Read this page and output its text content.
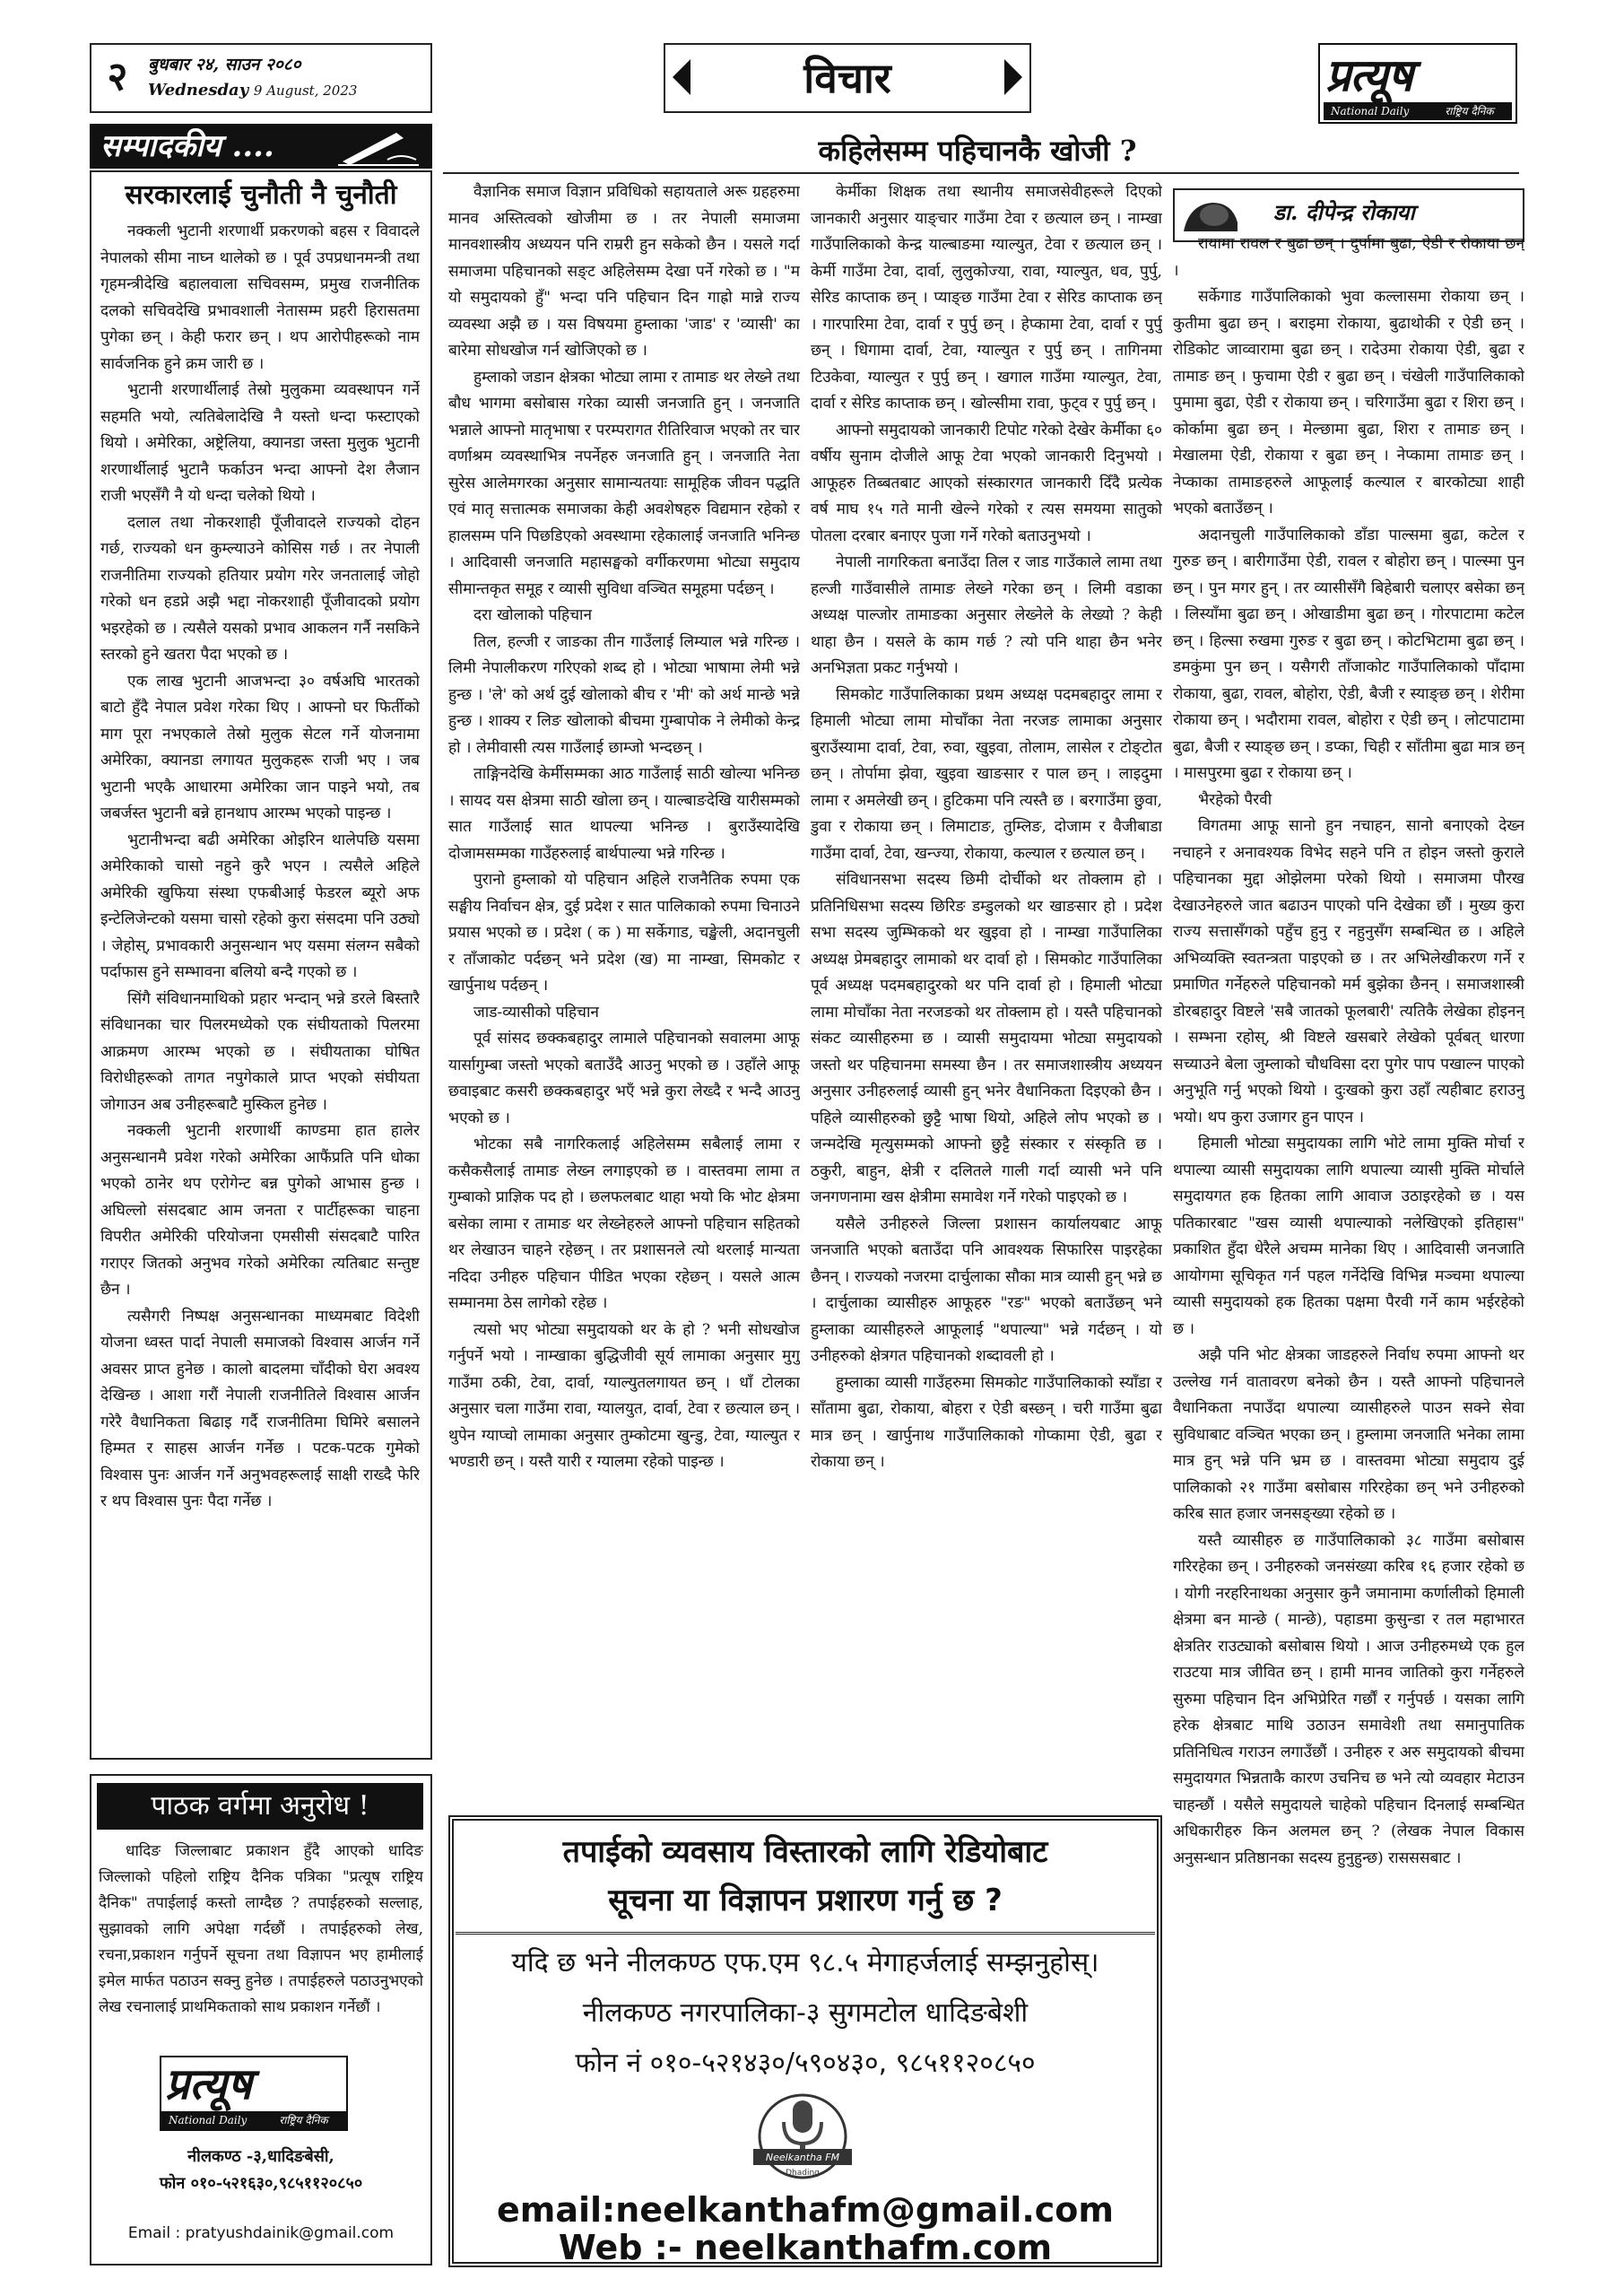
२	बुधबार २४, साउन २०८०
Wednesday 9 August, 2023	विचार	प्रत्यूष
National Daily	राष्ट्रिय दैनिक
सम्पादकीय ....
सरकारलाई चुनौती नै चुनौती

नक्कली भुटानी शरणार्थी प्रकरणको बहस र विवादले नेपालको सीमा नाघ्न थालेको छ । पूर्व उपप्रधानमन्त्री तथा गृहमन्त्रीदेखि बहालवाला सचिवसम्म, प्रमुख राजनीतिक दलको सचिवदेखि प्रभावशाली नेतासम्म प्रहरी हिरासतमा पुगेका छन् । केही फरार छन् । थप आरोपीहरूको नाम सार्वजनिक हुने क्रम जारी छ ।

भुटानी शरणार्थीलाई तेस्रो मुलुकमा व्यवस्थापन गर्ने सहमति भयो, त्यतिबेलादेखि नै यस्तो धन्दा फस्टाएको थियो । अमेरिका, अष्ट्रेलिया, क्यानडा जस्ता मुलुक भुटानी शरणार्थीलाई भुटानै फर्काउन भन्दा आफ्नो देश लैजान राजी भएसँगै नै यो धन्दा चलेको थियो ।

दलाल तथा नोकरशाही पूँजीवादले राज्यको दोहन गर्छ, राज्यको धन कुम्ल्याउने कोसिस गर्छ । तर नेपाली राजनीतिमा राज्यको हतियार प्रयोग गरेर जनतालाई जोहो गरेको धन हडप्ने अझै भद्दा नोकरशाही पूँजीवादको प्रयोग भइरहेको छ । त्यसैले यसको प्रभाव आकलन गर्नै नसकिने स्तरको हुने खतरा पैदा भएको छ ।

एक लाख भुटानी आजभन्दा ३० वर्षअघि भारतको बाटो हुँदै नेपाल प्रवेश गरेका थिए । आफ्नो घर फिर्तीको माग पूरा नभएकाले तेस्रो मुलुक सेटल गर्ने योजनामा अमेरिका, क्यानडा लगायत मुलुकहरू राजी भए । जब भुटानी भएकै आधारमा अमेरिका जान पाइने भयो, तब जबर्जस्त भुटानी बन्ने हानथाप आरम्भ भएको पाइन्छ ।

भुटानीभन्दा बढी अमेरिका ओइरिन थालेपछि यसमा अमेरिकाको चासो नहुने कुरै भएन । त्यसैले अहिले अमेरिकी खुफिया संस्था एफबीआई फेडरल ब्यूरो अफ इन्टेलिजेन्टको यसमा चासो रहेको कुरा संसदमा पनि उठ्यो । जेहोस्, प्रभावकारी अनुसन्धान भए यसमा संलग्न सबैको पर्दाफास हुने सम्भावना बलियो बन्दै गएको छ ।

सिंगै संविधानमाथिको प्रहार भन्दान् भन्ने डरले बिस्तारै संविधानका चार पिलरमध्येको एक संघीयताको पिलरमा आक्रमण आरम्भ भएको छ । संघीयताका घोषित विरोधीहरूको तागत नपुगेकाले प्राप्त भएको संघीयता जोगाउन अब उनीहरूबाटै मुस्किल हुनेछ ।

नक्कली भुटानी शरणार्थी काण्डमा हात हालेर अनुसन्धानमै प्रवेश गरेको अमेरिका आफैंप्रति पनि धोका भएको ठानेर थप एरोगेन्ट बन्न पुगेको आभास हुन्छ । अघिल्लो संसदबाट आम जनता र पार्टीहरूका चाहना विपरीत अमेरिकी परियोजना एमसीसी संसदबाटै पारित गराएर जितको अनुभव गरेको अमेरिका त्यतिबाट सन्तुष्ट छैन ।

त्यसैगरी निष्पक्ष अनुसन्धानका माध्यमबाट विदेशी योजना ध्वस्त पार्दा नेपाली समाजको विश्वास आर्जन गर्ने अवसर प्राप्त हुनेछ । कालो बादलमा चाँदीको घेरा अवश्य देखिन्छ । आशा गरौं नेपाली राजनीतिले विश्वास आर्जन गरेरै वैधानिकता बिढाइ गर्दै राजनीतिमा घिमिरे बसालने हिम्मत र साहस आर्जन गर्नेछ । पटक-पटक गुमेको विश्वास पुनः आर्जन गर्ने अनुभवहरूलाई साक्षी राख्दै फेरि र थप विश्वास पुनः पैदा गर्नेछ ।

पाठक वर्गमा अनुरोध !

धादिङ जिल्लाबाट प्रकाशन हुँदै आएको धादिङ जिल्लाको पहिलो राष्ट्रिय दैनिक पत्रिका "प्रत्यूष राष्ट्रिय दैनिक" तपाईलाई कस्तो लाग्दैछ ? तपाईहरुको सल्लाह, सुझावको लागि अपेक्षा गर्दछौं । तपाईहरुको लेख, रचना,प्रकाशन गर्नुपर्ने सूचना तथा विज्ञापन भए हामीलाई इमेल मार्फत पठाउन सक्नु हुनेछ । तपाईहरुले पठाउनुभएको लेख रचनालाई प्राथमिकताको साथ प्रकाशन गर्नेछौं ।

प्रत्यूष
National Daily	राष्ट्रिय दैनिक
नीलकण्ठ -३,धादिङबेसी,
फोन ०१०-५२१६३०,९८५११२०८५०
Email : pratyushdainik@gmail.com
कहिलेसम्म पहिचानकै खोजी ?

वैज्ञानिक समाज विज्ञान प्रविधिको सहायताले अरू ग्रहहरुमा मानव अस्तित्वको खोजीमा छ । तर नेपाली समाजमा मानवशास्त्रीय अध्ययन पनि राम्ररी हुन सकेको छैन । यसले गर्दा समाजमा पहिचानको सङ्ट अहिलेसम्म देखा पर्ने गरेको छ । "म यो समुदायको हुँ" भन्दा पनि पहिचान दिन गाह्रो मान्ने राज्य व्यवस्था अझै छ । यस विषयमा हुम्लाका 'जाड' र 'व्यासी' का बारेमा सोधखोज गर्न खोजिएको छ ।

हुम्लाको जडान क्षेत्रका भोट्या लामा र तामाङ थर लेख्ने तथा बौध भागमा बसोबास गरेका व्यासी जनजाति हुन् । जनजाति भन्नाले आफ्नो मातृभाषा र परम्परागत रीतिरिवाज भएको तर चार वर्णाश्रम व्यवस्थाभित्र नपर्नेहरु जनजाति हुन् । जनजाति नेता सुरेस आलेमगरका अनुसार सामान्यतयाः सामूहिक जीवन पद्धति एवं मातृ सत्तात्मक समाजका केही अवशेषहरु विद्यमान रहेको र हालसम्म पनि पिछडिएको अवस्थामा रहेकालाई जनजाति भनिन्छ । आदिवासी जनजाति महासङ्घको वर्गीकरणमा भोट्या समुदाय सीमान्तकृत समूह र व्यासी सुविधा वञ्चित समूहमा पर्दछन् ।

दरा खोलाको पहिचान

तिल, हल्जी र जाङका तीन गाउँलाई लिम्याल भन्ने गरिन्छ । लिमी नेपालीकरण गरिएको शब्द हो । भोट्या भाषामा लेमी भन्ने हुन्छ । 'ले' को अर्थ दुई खोलाको बीच र 'मी' को अर्थ मान्छे भन्ने हुन्छ । शाक्य र लिङ खोलाको बीचमा गुम्बापोक ने लेमीको केन्द्र हो । लेमीवासी त्यस गाउँलाई छाम्जो भन्दछन् ।

ताङ्गिनदेखि केर्मीसम्मका आठ गाउँलाई साठी खोल्या भनिन्छ । सायद यस क्षेत्रमा साठी खोला छन् । याल्बाङदेखि यारीसम्मको सात गाउँलाई सात थापल्या भनिन्छ । बुराउँस्यादेखि दोजामसम्मका गाउँहरुलाई बार्थपाल्या भन्ने गरिन्छ ।

पुरानो हुम्लाको यो पहिचान अहिले राजनैतिक रुपमा एक सङ्घीय निर्वाचन क्षेत्र, दुई प्रदेश र सात पालिकाको रुपमा चिनाउने प्रयास भएको छ । प्रदेश ( क ) मा सर्केगाड, चङ्खेली, अदानचुली र ताँजाकोट पर्दछन् भने प्रदेश (ख) मा नाम्खा, सिमकोट र खार्पुनाथ पर्दछन् ।

जाड-व्यासीको पहिचान

पूर्व सांसद छक्कबहादुर लामाले पहिचानको सवालमा आफू यार्सागुम्बा जस्तो भएको बताउँदै आउनु भएको छ । उहाँले आफू छवाइबाट कसरी छक्कबहादुर भएँ भन्ने कुरा लेख्दै र भन्दै आउनु भएको छ ।

भोटका सबै नागरिकलाई अहिलेसम्म सबैलाई लामा र कसैकसैलाई तामाङ लेख्न लगाइएको छ । वास्तवमा लामा त गुम्बाको प्राज्ञिक पद हो । छलफलबाट थाहा भयो कि भोट क्षेत्रमा बसेका लामा र तामाङ थर लेख्नेहरुले आफ्नो पहिचान सहितको थर लेखाउन चाहने रहेछन् । तर प्रशासनले त्यो थरलाई मान्यता नदिदा उनीहरु पहिचान पीडित भएका रहेछन् । यसले आत्म सम्मानमा ठेस लागेको रहेछ ।

त्यसो भए भोट्या समुदायको थर के हो ? भनी सोधखोज गर्नुपर्ने भयो । नाम्खाका बुद्धिजीवी सूर्य लामाका अनुसार मुगु गाउँमा ठकी, टेवा, दार्वा, ग्याल्युतलगायत छन् । धाँ टोलका अनुसार चला गाउँमा रावा, ग्यालयुत, दार्वा, टेवा र छत्याल छन् । थुपेन ग्याप्चो लामाका अनुसार तुम्कोटमा खुन्डु, टेवा, ग्याल्युत र भण्डारी छन् । यस्तै यारी र ग्यालमा रहेको पाइन्छ ।

केर्मीका शिक्षक तथा स्थानीय समाजसेवीहरूले दिएको जानकारी अनुसार याङ्चार गाउँमा टेवा र छत्याल छन् । नाम्खा गाउँपालिकाको केन्द्र याल्बाङमा ग्याल्युत, टेवा र छत्याल छन् । केर्मी गाउँमा टेवा, दार्वा, लुलुकोज्या, रावा, ग्याल्युत, धव, पुर्पु, सेरिड काप्ताक छन् । प्याङ्छ गाउँमा टेवा र सेरिड काप्ताक छन् । गारपारिमा टेवा, दार्वा र पुर्पु छन् । हेप्कामा टेवा, दार्वा र पुर्पु छन् । धिगामा दार्वा, टेवा, ग्याल्युत र पुर्पु छन् । तागिनमा टिउकेवा, ग्याल्युत र पुर्पु छन् । खगाल गाउँमा ग्याल्युत, टेवा, दार्वा र सेरिड काप्ताक छन् । खोल्सीमा रावा, फुट्व र पुर्पु छन् ।

आफ्नो समुदायको जानकारी टिपोट गरेको देखेर केर्मीका ६० वर्षीय सुनाम दोजीले आफू टेवा भएको जानकारी दिनुभयो । आफूहरु तिब्बतबाट आएको संस्कारगत जानकारी दिँदै प्रत्येक वर्ष माघ १५ गते मानी खेल्ने गरेको र त्यस समयमा सातुको पोतला दरबार बनाएर पुजा गर्ने गरेको बताउनुभयो ।

नेपाली नागरिकता बनाउँदा तिल र जाड गाउँकाले लामा तथा हल्जी गाउँवासीले तामाङ लेख्ने गरेका छन् । लिमी वडाका अध्यक्ष पाल्जोर तामाङका अनुसार लेख्नेले के लेख्यो ? केही थाहा छैन । यसले के काम गर्छ ? त्यो पनि थाहा छैन भनेर अनभिज्ञता प्रकट गर्नुभयो ।

सिमकोट गाउँपालिकाका प्रथम अध्यक्ष पदमबहादुर लामा र हिमाली भोट्या लामा मोचाँका नेता नरजङ लामाका अनुसार बुराउँस्यामा दार्वा, टेवा, रुवा, खुइवा, तोलाम, लासेल र टोङ्टोत छन् । तोर्पामा झेवा, खुइवा खाङसार र पाल छन् । लाइदुमा लामा र अमलेखी छन् । हुटिकमा पनि त्यस्तै छ । बरगाउँमा छुवा, डुवा र रोकाया छन् । लिमाटाङ, तुम्लिङ, दोजाम र वैजीबाडा गाउँमा दार्वा, टेवा, खन्ज्या, रोकाया, कल्याल र छत्याल छन् ।

संविधानसभा सदस्य छिमी दोर्चीको थर तोक्लाम हो । प्रतिनिधिसभा सदस्य छिरिङ डम्डुलको थर खाङसार हो । प्रदेश सभा सदस्य जुम्भिकको थर खुइवा हो । नाम्खा गाउँपालिका अध्यक्ष प्रेमबहादुर लामाको थर दार्वा हो । सिमकोट गाउँपालिका पूर्व अध्यक्ष पदमबहादुरको थर पनि दार्वा हो । हिमाली भोट्या लामा मोचाँका नेता नरजङको थर तोक्लाम हो । यस्तै पहिचानको संकट व्यासीहरुमा छ । व्यासी समुदायमा भोट्या समुदायको जस्तो थर पहिचानमा समस्या छैन । तर समाजशास्त्रीय अध्ययन अनुसार उनीहरुलाई व्यासी हुन् भनेर वैधानिकता दिइएको छैन । पहिले व्यासीहरुको छुट्टै भाषा थियो, अहिले लोप भएको छ । जन्मदेखि मृत्युसम्मको आफ्नो छुट्टै संस्कार र संस्कृति छ । ठकुरी, बाहुन, क्षेत्री र दलितले गाली गर्दा व्यासी भने पनि जनगणनामा खस क्षेत्रीमा समावेश गर्ने गरेको पाइएको छ ।

यसैले उनीहरुले जिल्ला प्रशासन कार्यालयबाट आफू जनजाति भएको बताउँदा पनि आवश्यक सिफारिस पाइरहेका छैनन् । राज्यको नजरमा दार्चुलाका सौका मात्र व्यासी हुन् भन्ने छ । दार्चुलाका व्यासीहरु आफूहरु "रङ" भएको बताउँछन् भने हुम्लाका व्यासीहरुले आफूलाई "थपाल्या" भन्ने गर्दछन् । यो उनीहरुको क्षेत्रगत पहिचानको शब्दावली हो ।

हुम्लाका व्यासी गाउँहरुमा सिमकोट गाउँपालिकाको स्याँडा र साँतामा बुढा, रोकाया, बोहरा र ऐडी बस्छन् । चरी गाउँमा बुढा मात्र छन् । खार्पुनाथ गाउँपालिकाको गोप्कामा ऐडी, बुढा र रोकाया छन् ।

डा. दीपेन्द्र रोकाया

रायामा रावल र बुढा छन् । दुर्पामा बुढा, ऐडी र रोकाया छन् ।

सर्केगाड गाउँपालिकाको भुवा कल्लासमा रोकाया छन् । कुतीमा बुढा छन् । बराइमा रोकाया, बुढाथोकी र ऐडी छन् । रोडिकोट जाव्वारामा बुढा छन् । रादेउमा रोकाया ऐडी, बुढा र तामाङ छन् । फुचामा ऐडी र बुढा छन् । चंखेली गाउँपालिकाको पुमामा बुढा, ऐडी र रोकाया छन् । चरिगाउँमा बुढा र शिरा छन् । कोर्कामा बुढा छन् । मेल्छामा बुढा, शिरा र तामाङ छन् । मेखालमा ऐडी, रोकाया र बुढा छन् । नेप्कामा तामाङ छन् । नेप्काका तामाङहरुले आफूलाई कल्याल र बारकोट्या शाही भएको बताउँछन् ।

अदानचुली गाउँपालिकाको डाँडा पाल्समा बुढा, कटेल र गुरुङ छन् । बारीगाउँमा ऐडी, रावल र बोहोरा छन् । पाल्स्मा पुन छन् । पुन मगर हुन् । तर व्यासीसँगै बिहेबारी चलाएर बसेका छन् । लिस्याँमा बुढा छन् । ओखाडीमा बुढा छन् । गोरपाटामा कटेल छन् । हिल्सा रुखमा गुरुङ र बुढा छन् । कोटभिटामा बुढा छन् । डमकुंमा पुन छन् । यसैगरी ताँजाकोट गाउँपालिकाको पाँदामा रोकाया, बुढा, रावल, बोहोरा, ऐडी, बैजी र स्याङ्छ छन् । शेरीमा रोकाया छन् । भदौरामा रावल, बोहोरा र ऐडी छन् । लोटपाटामा बुढा, बैजी र स्याङ्छ छन् । डप्का, चिही र साँतीमा बुढा मात्र छन् । मासपुरमा बुढा र रोकाया छन् ।

भैरहेको पैरवी

विगतमा आफू सानो हुन नचाहन, सानो बनाएको देख्न नचाहने र अनावश्यक विभेद सहने पनि त होइन जस्तो कुराले पहिचानका मुद्दा ओझेलमा परेको थियो । समाजमा पौरख देखाउनेहरुले जात बढाउन पाएको पनि देखेका छौं । मुख्य कुरा राज्य सत्तासँगको पहुँच हुनु र नहुनुसँग सम्बन्धित छ । अहिले अभिव्यक्ति स्वतन्त्रता पाइएको छ । तर अभिलेखीकरण गर्ने र प्रमाणित गर्नेहरुले पहिचानको मर्म बुझेका छैनन् । समाजशास्त्री डोरबहादुर विष्टले 'सबै जातको फूलबारी' त्यतिकै लेखेका होइनन् । सम्भना रहोस्, श्री विष्टले खसबारे लेखेको पूर्वबत् धारणा सच्याउने बेला जुम्लाको चौधविसा दरा पुगेर पाप पखाल्न पाएको अनुभूति गर्नु भएको थियो । दुःखको कुरा उहाँ त्यहीबाट हराउनु भयो। थप कुरा उजागर हुन पाएन ।

हिमाली भोट्या समुदायका लागि भोटे लामा मुक्ति मोर्चा र थपाल्या व्यासी समुदायका लागि थपाल्या व्यासी मुक्ति मोर्चाले समुदायगत हक हितका लागि आवाज उठाइरहेको छ । यस पतिकारबाट "खस व्यासी थपाल्याको नलेखिएको इतिहास" प्रकाशित हुँदा धेरैले अचम्म मानेका थिए । आदिवासी जनजाति आयोगमा सूचिकृत गर्न पहल गर्नेदेखि विभिन्न मञ्चमा थपाल्या व्यासी समुदायको हक हितका पक्षमा पैरवी गर्ने काम भईरहेको छ ।

अझै पनि भोट क्षेत्रका जाडहरुले निर्वाध रुपमा आफ्नो थर उल्लेख गर्न वातावरण बनेको छैन । यस्तै आफ्नो पहिचानले वैधानिकता नपाउँदा थपाल्या व्यासीहरुले पाउन सक्ने सेवा सुविधाबाट वञ्चित भएका छन् । हुम्लामा जनजाति भनेका लामा मात्र हुन् भन्ने पनि भ्रम छ । वास्तवमा भोट्या समुदाय दुई पालिकाको २१ गाउँमा बसोबास गरिरहेका छन् भने उनीहरुको करिब सात हजार जनसङ्ख्या रहेको छ ।

यस्तै व्यासीहरु छ गाउँपालिकाको ३८ गाउँमा बसोबास गरिरहेका छन् । उनीहरुको जनसंख्या करिब १६ हजार रहेको छ । योगी नरहरिनाथका अनुसार कुनै जमानामा कर्णालीको हिमाली क्षेत्रमा बन मान्छे ( मान्छे), पहाडमा कुसुन्डा र तल महाभारत क्षेत्रतिर राउट्याको बसोबास थियो । आज उनीहरुमध्ये एक हुल राउटया मात्र जीवित छन् । हामी मानव जातिको कुरा गर्नेहरुले सुरुमा पहिचान दिन अभिप्रेरित गर्छौं र गर्नुपर्छ । यसका लागि हरेक क्षेत्रबाट माथि उठाउन समावेशी तथा समानुपातिक प्रतिनिधित्व गराउन लगाउँछौं । उनीहरु र अरु समुदायको बीचमा समुदायगत भिन्नताकै कारण उचनिच छ भने त्यो व्यवहार मेटाउन चाहन्छौं । यसैले समुदायले चाहेको पहिचान दिनलाई सम्बन्धित अधिकारीहरु किन अलमल छन् ? (लेखक नेपाल विकास अनुसन्धान प्रतिष्ठानका सदस्य हुनुहुन्छ) रासससबाट ।

तपाईको व्यवसाय विस्तारको लागि रेडियोबाट
सूचना या विज्ञापन प्रशारण गर्नु छ ?
यदि छ भने नीलकण्ठ एफ.एम ९८.५ मेगाहर्जलाई सम्झनुहोस्।
नीलकण्ठ नगरपालिका-३ सुगमटोल धादिङबेशी
फोन नं ०१०-५२१४३०/५९०४३०, ९८५११२०८५०
Neelkantha FM
Dhading
email:neelkanthafm@gmail.com
Web :- neelkanthafm.com
